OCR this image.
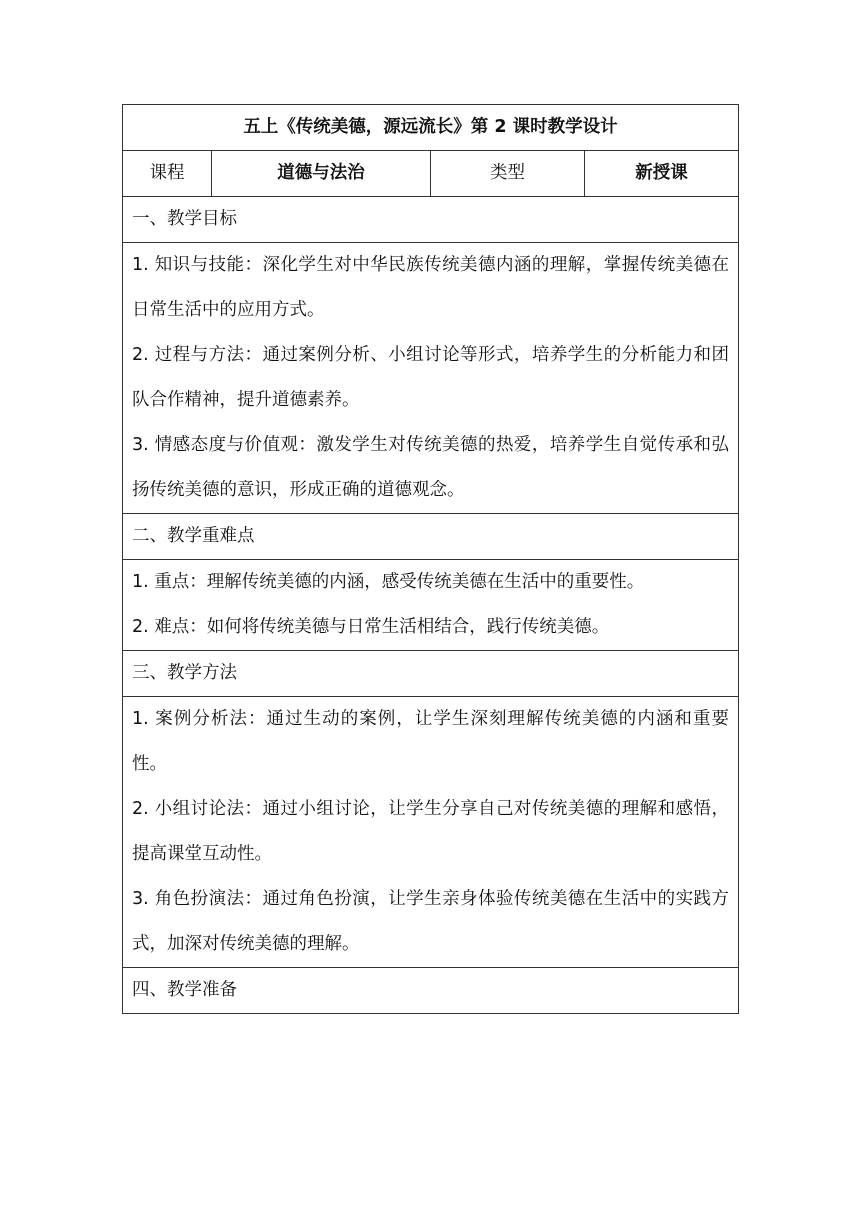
五上《传统美德，源远流长》第 2 课时教学设计
课程	道德与法治	类型	新授课
一、教学目标

1. 知识与技能：深化学生对中华民族传统美德内涵的理解，掌握传统美德在日常生活中的应用方式。

2. 过程与方法：通过案例分析、小组讨论等形式，培养学生的分析能力和团队合作精神，提升道德素养。

3. 情感态度与价值观：激发学生对传统美德的热爱，培养学生自觉传承和弘扬传统美德的意识，形成正确的道德观念。

二、教学重难点

1. 重点：理解传统美德的内涵，感受传统美德在生活中的重要性。

2. 难点：如何将传统美德与日常生活相结合，践行传统美德。

三、教学方法

1. 案例分析法：通过生动的案例，让学生深刻理解传统美德的内涵和重要性。

2. 小组讨论法：通过小组讨论，让学生分享自己对传统美德的理解和感悟，提高课堂互动性。

3. 角色扮演法：通过角色扮演，让学生亲身体验传统美德在生活中的实践方式，加深对传统美德的理解。

四、教学准备
